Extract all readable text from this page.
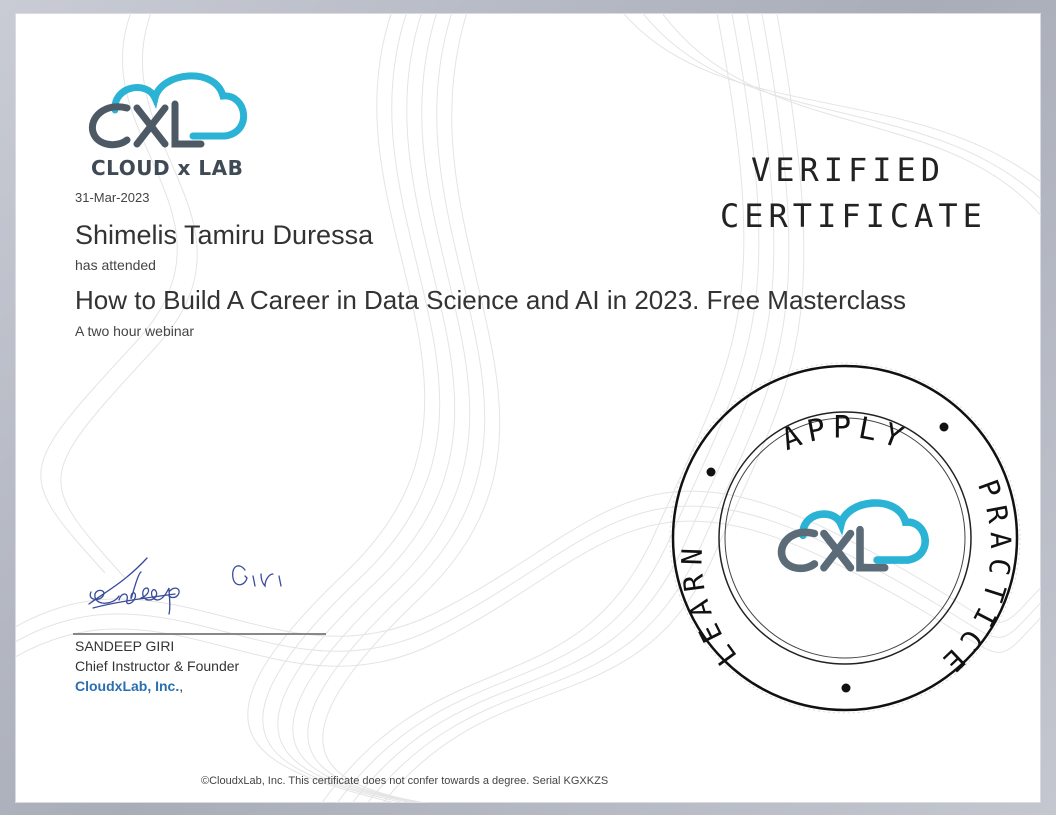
CLOUD x LAB
31-Mar-2023
Shimelis Tamiru Duressa
has attended
How to Build A Career in Data Science and AI in 2023. Free Masterclass
A two hour webinar
VERIFIED
CERTIFICATE
SANDEEP GIRI
Chief Instructor & Founder
CloudxLab, Inc.,
APPLY
PRACTICE
LEARN
©CloudxLab, Inc. This certificate does not confer towards a degree. Serial KGXKZS
